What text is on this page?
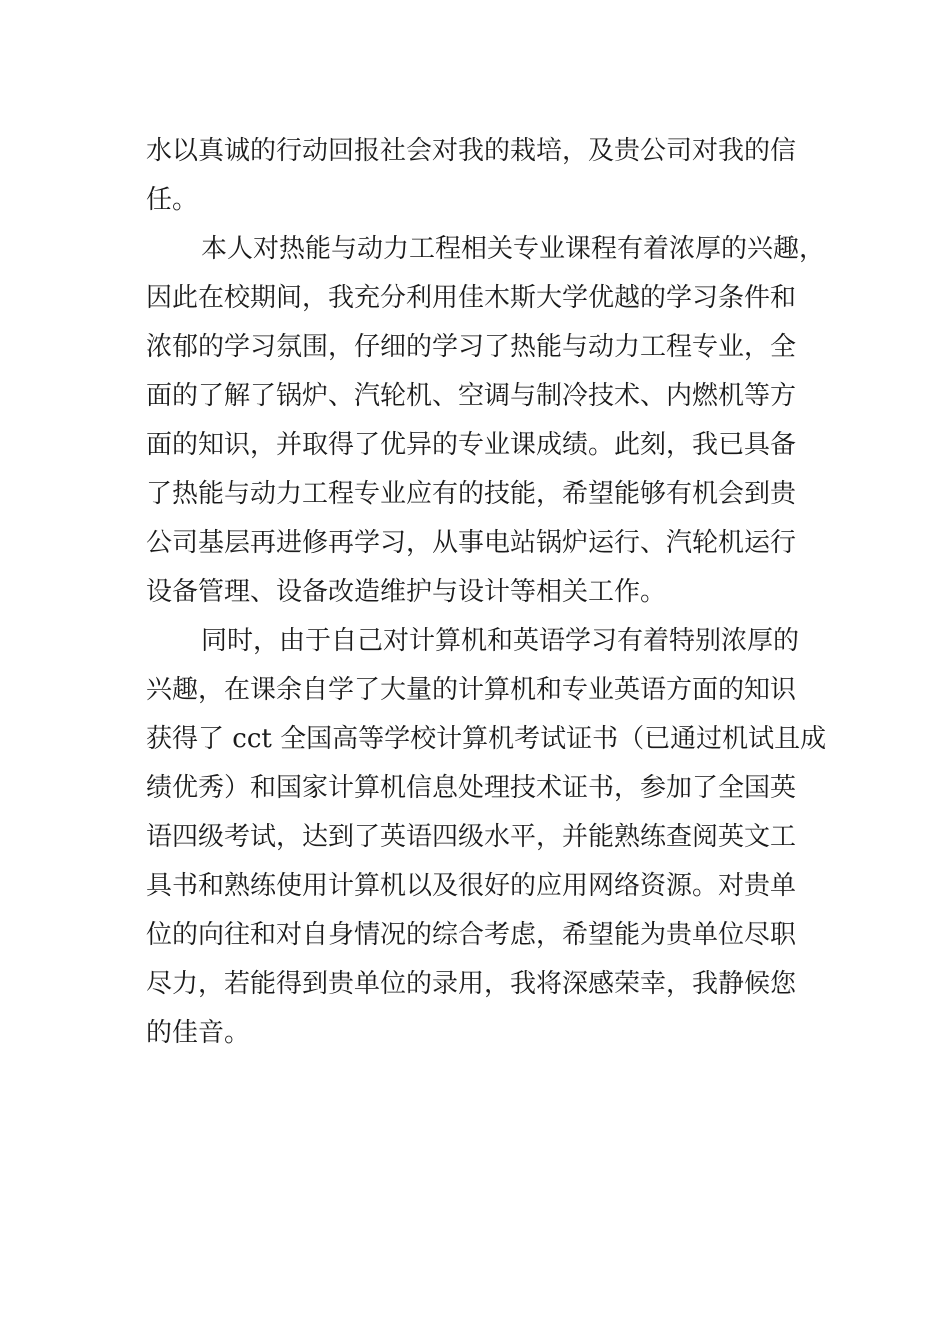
水以真诚的行动回报社会对我的栽培，及贵公司对我的信
任。
本人对热能与动力工程相关专业课程有着浓厚的兴趣，
因此在校期间，我充分利用佳木斯大学优越的学习条件和
浓郁的学习氛围，仔细的学习了热能与动力工程专业，全
面的了解了锅炉、汽轮机、空调与制冷技术、内燃机等方
面的知识，并取得了优异的专业课成绩。此刻，我已具备
了热能与动力工程专业应有的技能，希望能够有机会到贵
公司基层再进修再学习，从事电站锅炉运行、汽轮机运行
设备管理、设备改造维护与设计等相关工作。
同时，由于自己对计算机和英语学习有着特别浓厚的
兴趣，在课余自学了大量的计算机和专业英语方面的知识
获得了 cct 全国高等学校计算机考试证书（已通过机试且成
绩优秀）和国家计算机信息处理技术证书，参加了全国英
语四级考试，达到了英语四级水平，并能熟练查阅英文工
具书和熟练使用计算机以及很好的应用网络资源。对贵单
位的向往和对自身情况的综合考虑，希望能为贵单位尽职
尽力，若能得到贵单位的录用，我将深感荣幸，我静候您
的佳音。
